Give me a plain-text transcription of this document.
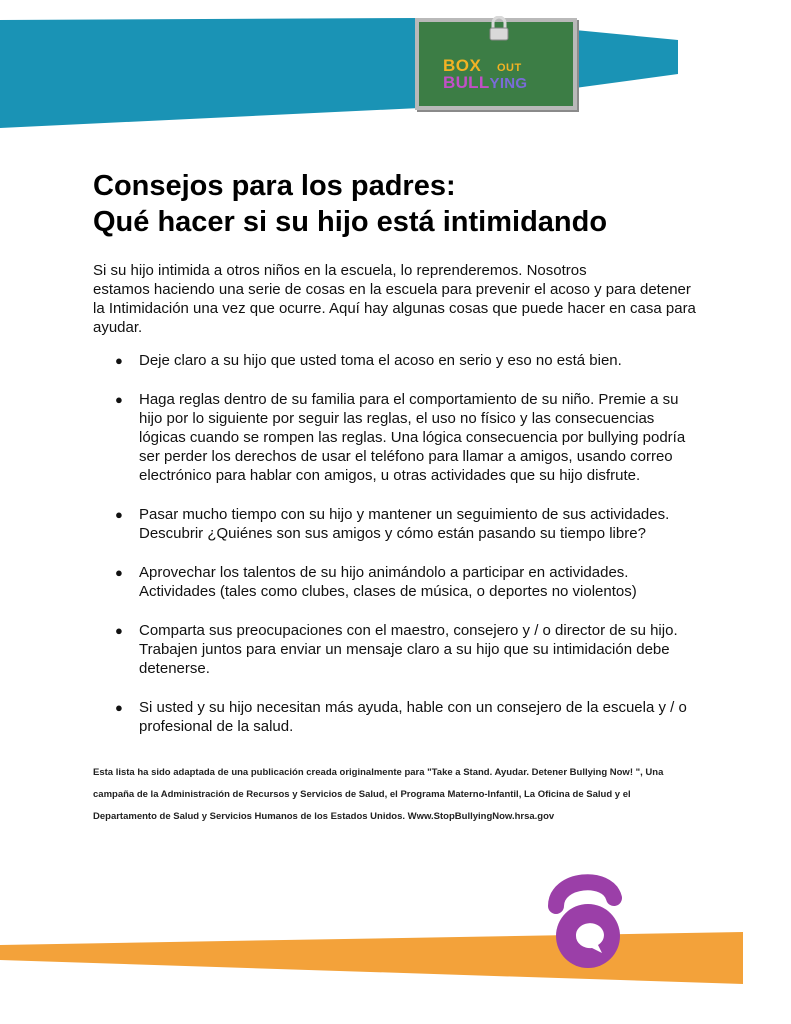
BOX OUT
BULLYING
Consejos para los padres:
Qué hacer si su hijo está intimidando

Si su hijo intimida a otros niños en la escuela, lo reprenderemos. Nosotros
estamos haciendo una serie de cosas en la escuela para prevenir el acoso y para detener la Intimidación una vez que ocurre. Aquí hay algunas cosas que puede hacer en casa para ayudar.

● Deje claro a su hijo que usted toma el acoso en serio y eso no está bien.
● Haga reglas dentro de su familia para el comportamiento de su niño. Premie a su hijo por lo siguiente por seguir las reglas, el uso no físico y las consecuencias lógicas cuando se rompen las reglas. Una lógica consecuencia por bullying podría ser perder los derechos de usar el teléfono para llamar a amigos, usando correo electrónico para hablar con amigos, u otras actividades que su hijo disfrute.
● Pasar mucho tiempo con su hijo y mantener un seguimiento de sus actividades. Descubrir ¿Quiénes son sus amigos y cómo están pasando su tiempo libre?
● Aprovechar los talentos de su hijo animándolo a participar en actividades. Actividades (tales como clubes, clases de música, o deportes no violentos)
● Comparta sus preocupaciones con el maestro, consejero y / o director de su hijo. Trabajen juntos para enviar un mensaje claro a su hijo que su intimidación debe detenerse.
● Si usted y su hijo necesitan más ayuda, hable con un consejero de la escuela y / o profesional de la salud.

Esta lista ha sido adaptada de una publicación creada originalmente para "Take a Stand. Ayudar. Detener Bullying Now! ", Una campaña de la Administración de Recursos y Servicios de Salud, el Programa Materno-Infantil, La Oficina de Salud y el Departamento de Salud y Servicios Humanos de los Estados Unidos. Www.StopBullyingNow.hrsa.gov
